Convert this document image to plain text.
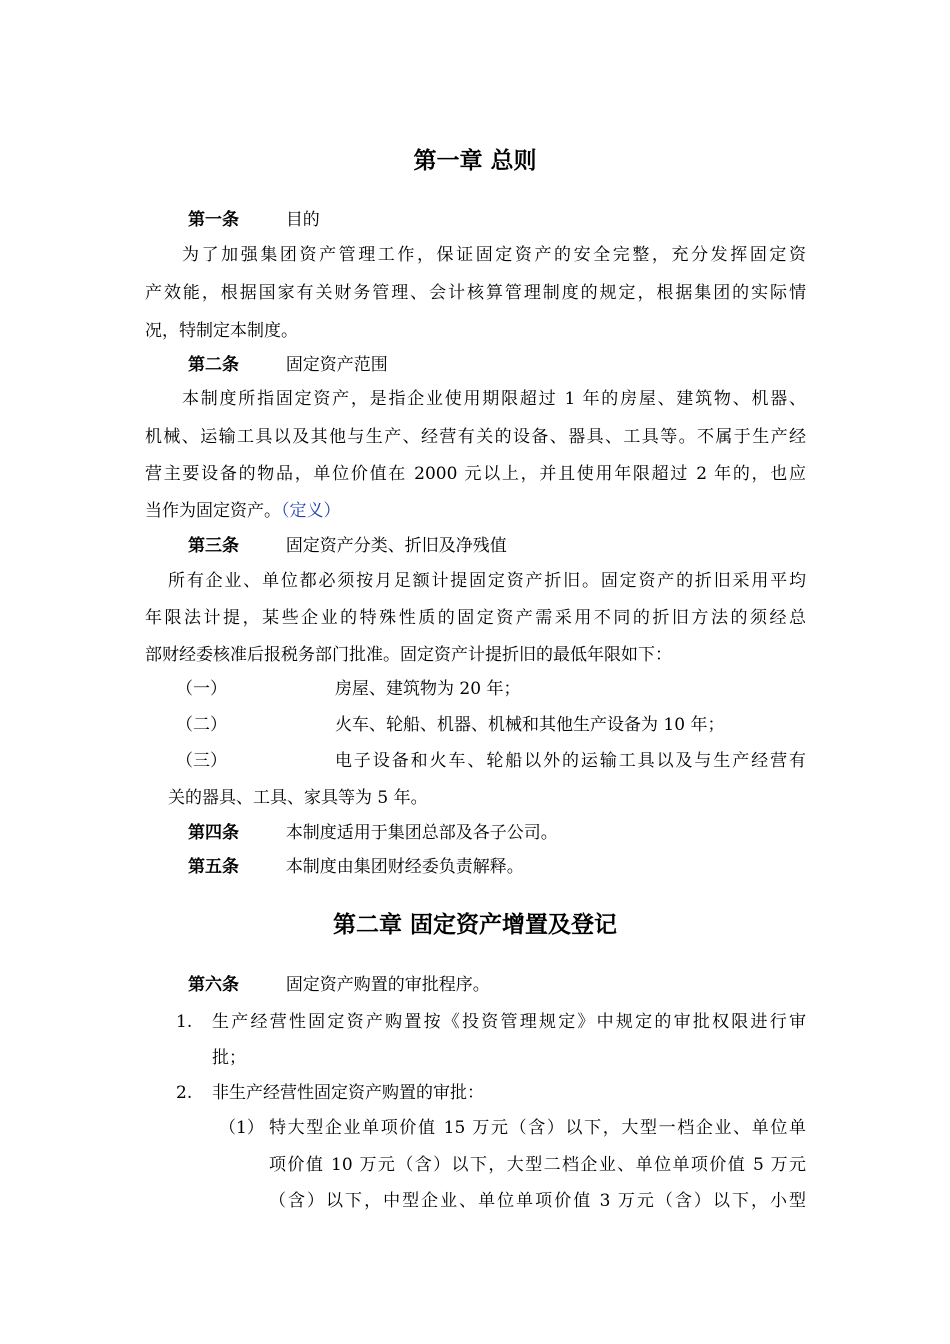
第一章 总则
第一条	目的
为了加强集团资产管理工作，保证固定资产的安全完整，充分发挥固定资
产效能，根据国家有关财务管理、会计核算管理制度的规定，根据集团的实际情
况，特制定本制度。
第二条	固定资产范围
本制度所指固定资产，是指企业使用期限超过 1 年的房屋、建筑物、机器、
机械、运输工具以及其他与生产、经营有关的设备、器具、工具等。不属于生产经
营主要设备的物品，单位价值在 2000 元以上，并且使用年限超过 2 年的，也应
当作为固定资产。（定义）
第三条	固定资产分类、折旧及净残值
所有企业、单位都必须按月足额计提固定资产折旧。固定资产的折旧采用平均
年限法计提，某些企业的特殊性质的固定资产需采用不同的折旧方法的须经总
部财经委核准后报税务部门批准。固定资产计提折旧的最低年限如下：
（一）	房屋、建筑物为 20 年；
（二）	火车、轮船、机器、机械和其他生产设备为 10 年；
（三）	电子设备和火车、轮船以外的运输工具以及与生产经营有
关的器具、工具、家具等为 5 年。
第四条	本制度适用于集团总部及各子公司。
第五条	本制度由集团财经委负责解释。
第二章 固定资产增置及登记
第六条	固定资产购置的审批程序。
1. 生产经营性固定资产购置按《投资管理规定》中规定的审批权限进行审
批；
2. 非生产经营性固定资产购置的审批：
（1） 特大型企业单项价值 15 万元（含）以下，大型一档企业、单位单
项价值 10 万元（含）以下，大型二档企业、单位单项价值 5 万元
（含）以下，中型企业、单位单项价值 3 万元（含）以下，小型
